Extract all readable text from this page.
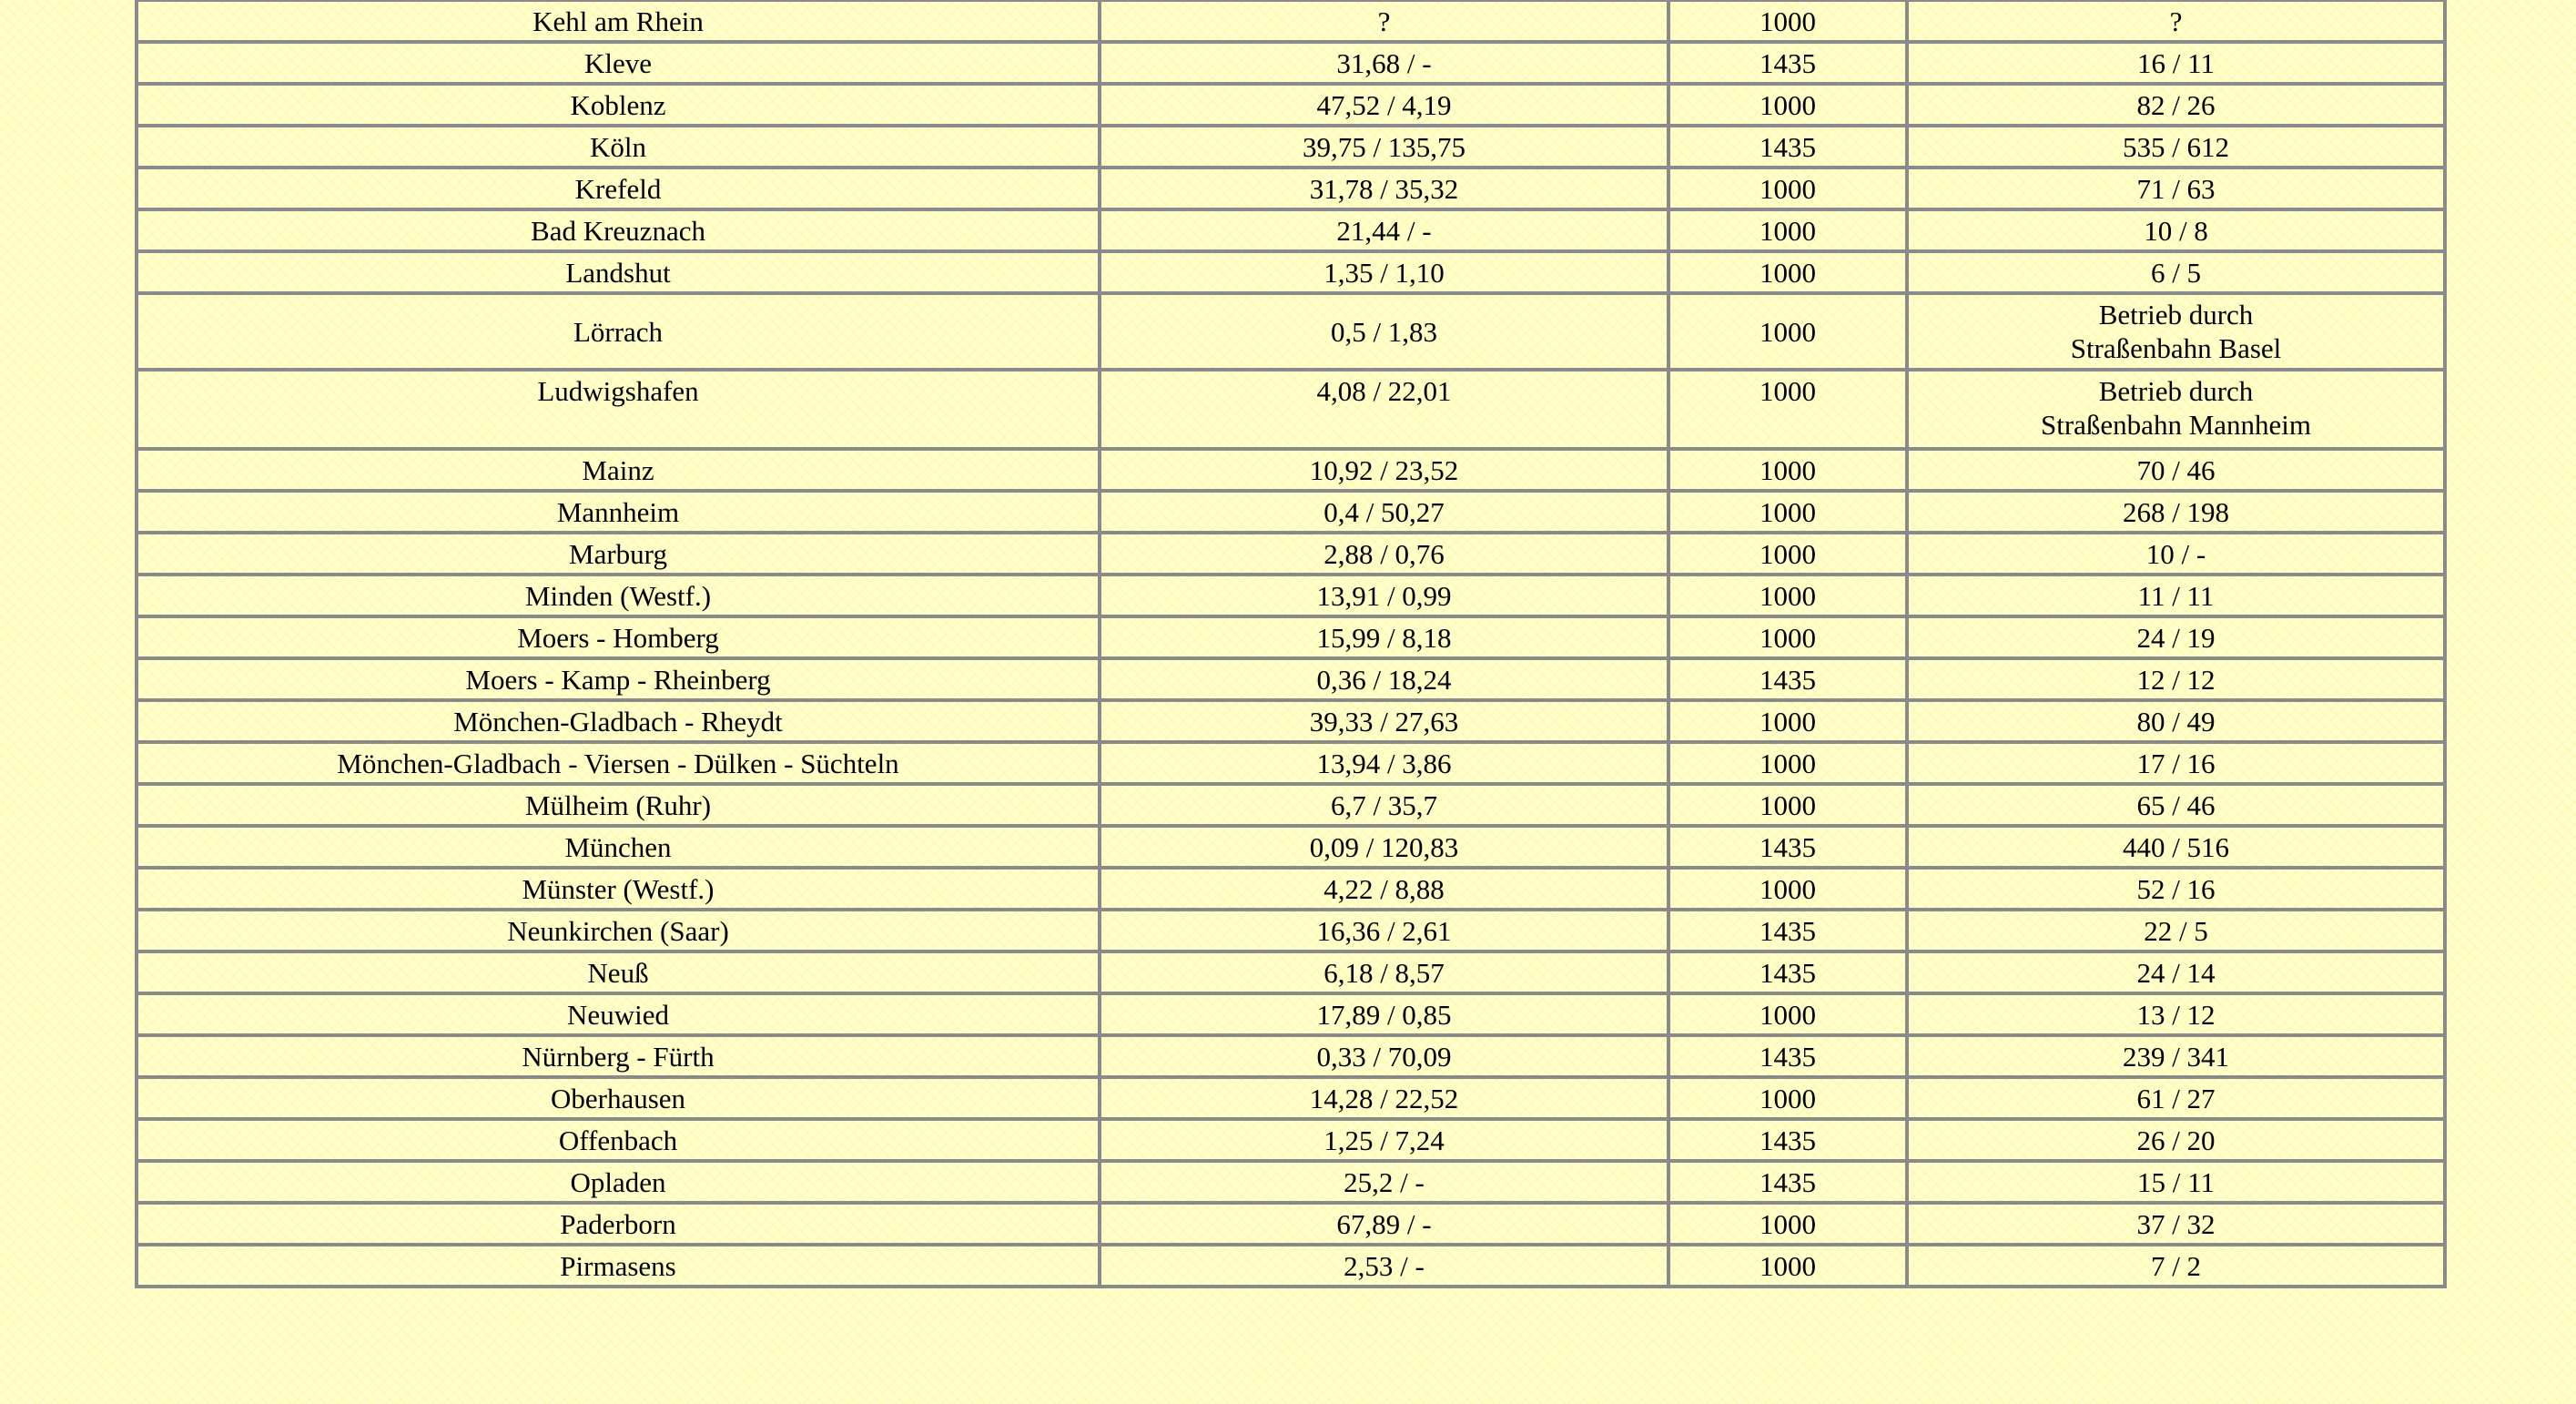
Kehl am Rhein	?	1000	?
Kleve	31,68 / -	1435	16 / 11
Koblenz	47,52 / 4,19	1000	82 / 26
Köln	39,75 / 135,75	1435	535 / 612
Krefeld	31,78 / 35,32	1000	71 / 63
Bad Kreuznach	21,44 / -	1000	10 / 8
Landshut	1,35 / 1,10	1000	6 / 5
Lörrach	0,5 / 1,83	1000	Betrieb durch
Straßenbahn Basel

Ludwigshafen	4,08 / 22,01	1000	Betrieb durch
Straßenbahn Mannheim

Mainz	10,92 / 23,52	1000	70 / 46
Mannheim	0,4 / 50,27	1000	268 / 198
Marburg	2,88 / 0,76	1000	10 / -
Minden (Westf.)	13,91 / 0,99	1000	11 / 11
Moers - Homberg	15,99 / 8,18	1000	24 / 19
Moers - Kamp - Rheinberg	0,36 / 18,24	1435	12 / 12
Mönchen-Gladbach - Rheydt	39,33 / 27,63	1000	80 / 49
Mönchen-Gladbach - Viersen - Dülken - Süchteln	13,94 / 3,86	1000	17 / 16
Mülheim (Ruhr)	6,7 / 35,7	1000	65 / 46
München	0,09 / 120,83	1435	440 / 516
Münster (Westf.)	4,22 / 8,88	1000	52 / 16
Neunkirchen (Saar)	16,36 / 2,61	1435	22 / 5
Neuß	6,18 / 8,57	1435	24 / 14
Neuwied	17,89 / 0,85	1000	13 / 12
Nürnberg - Fürth	0,33 / 70,09	1435	239 / 341
Oberhausen	14,28 / 22,52	1000	61 / 27
Offenbach	1,25 / 7,24	1435	26 / 20
Opladen	25,2 / -	1435	15 / 11
Paderborn	67,89 / -	1000	37 / 32
Pirmasens	2,53 / -	1000	7 / 2
